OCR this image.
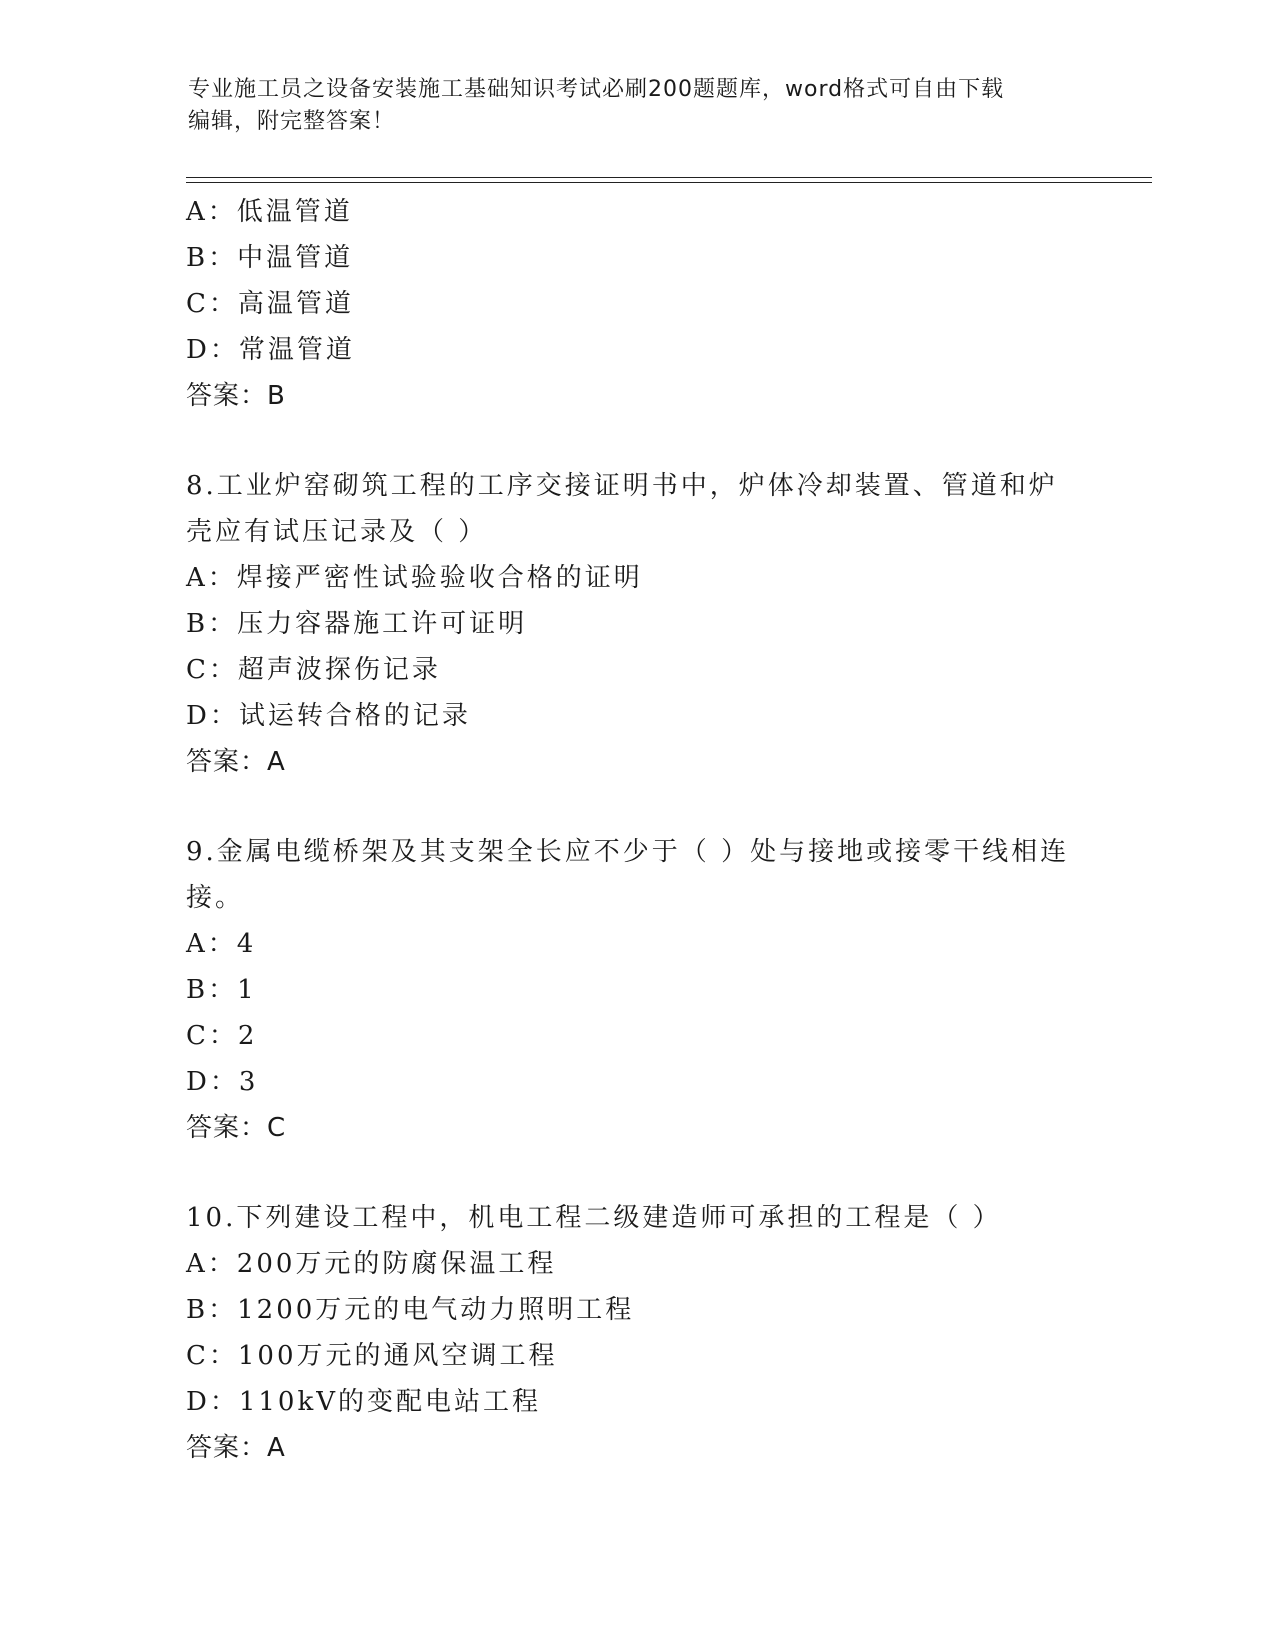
专业施工员之设备安装施工基础知识考试必刷200题题库，word格式可自由下载
编辑，附完整答案！
A：低温管道
B：中温管道
C：高温管道
D：常温管道
答案：B
8.工业炉窑砌筑工程的工序交接证明书中，炉体冷却装置、管道和炉
壳应有试压记录及（ ）
A：焊接严密性试验验收合格的证明
B：压力容器施工许可证明
C：超声波探伤记录
D：试运转合格的记录
答案：A
9.金属电缆桥架及其支架全长应不少于（ ）处与接地或接零干线相连
接。
A：4
B：1
C：2
D：3
答案：C
10.下列建设工程中，机电工程二级建造师可承担的工程是（ ）
A：200万元的防腐保温工程
B：1200万元的电气动力照明工程
C：100万元的通风空调工程
D：110kV的变配电站工程
答案：A
